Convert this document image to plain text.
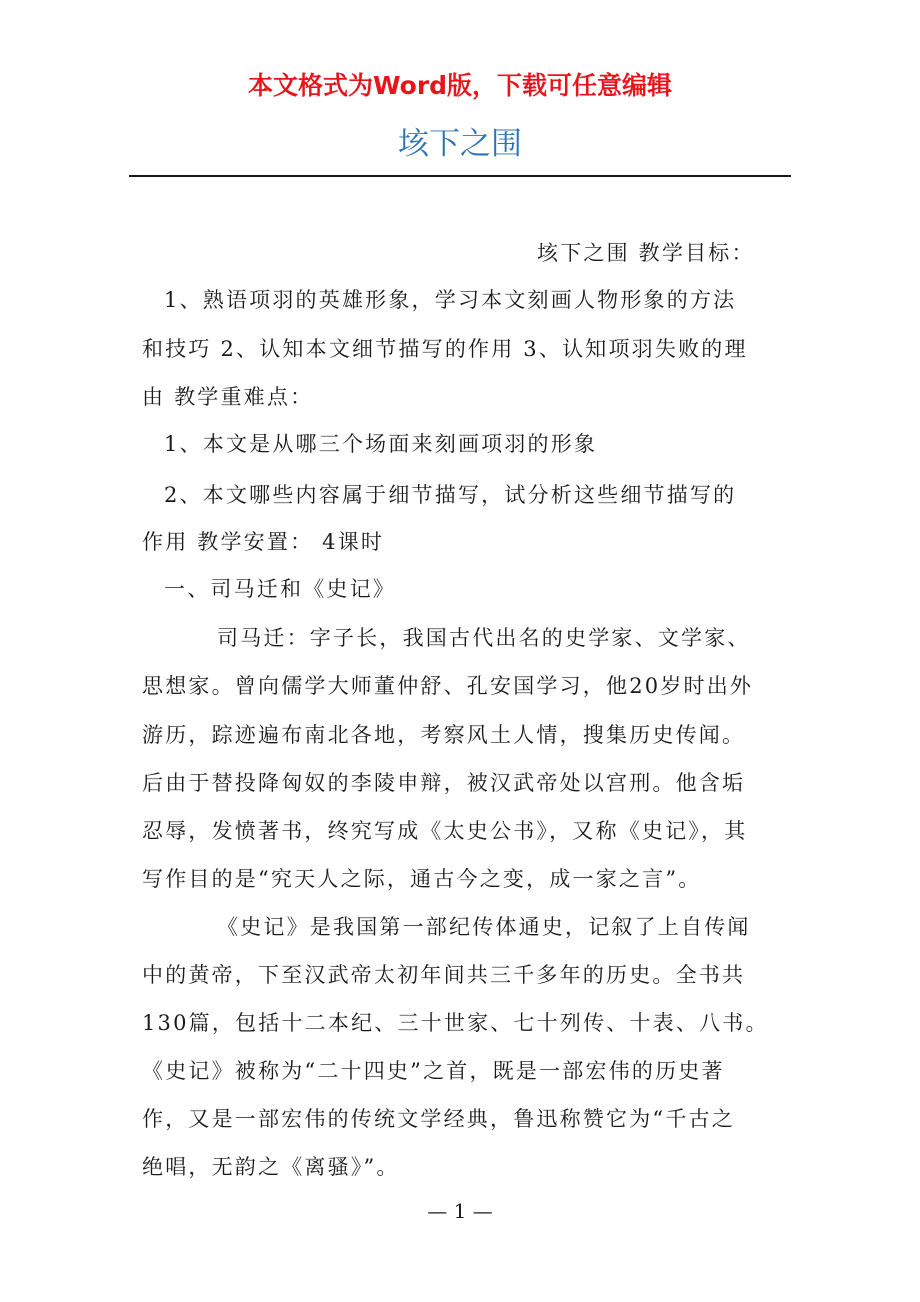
本文格式为Word版，下载可任意编辑
垓下之围
垓下之围 教学目标：
1、熟语项羽的英雄形象，学习本文刻画人物形象的方法
和技巧 2、认知本文细节描写的作用 3、认知项羽失败的理
由 教学重难点：
1、本文是从哪三个场面来刻画项羽的形象
2、本文哪些内容属于细节描写，试分析这些细节描写的
作用 教学安置： 4课时
一、司马迁和《史记》
司马迁：字子长，我国古代出名的史学家、文学家、
思想家。曾向儒学大师董仲舒、孔安国学习，他20岁时出外
游历，踪迹遍布南北各地，考察风土人情，搜集历史传闻。
后由于替投降匈奴的李陵申辩，被汉武帝处以宫刑。他含垢
忍辱，发愤著书，终究写成《太史公书》，又称《史记》，其
写作目的是“究天人之际，通古今之变，成一家之言”。
《史记》是我国第一部纪传体通史，记叙了上自传闻
中的黄帝，下至汉武帝太初年间共三千多年的历史。全书共
130篇，包括十二本纪、三十世家、七十列传、十表、八书。
《史记》被称为“二十四史”之首，既是一部宏伟的历史著
作，又是一部宏伟的传统文学经典，鲁迅称赞它为“千古之
绝唱，无韵之《离骚》”。
— 1 —
